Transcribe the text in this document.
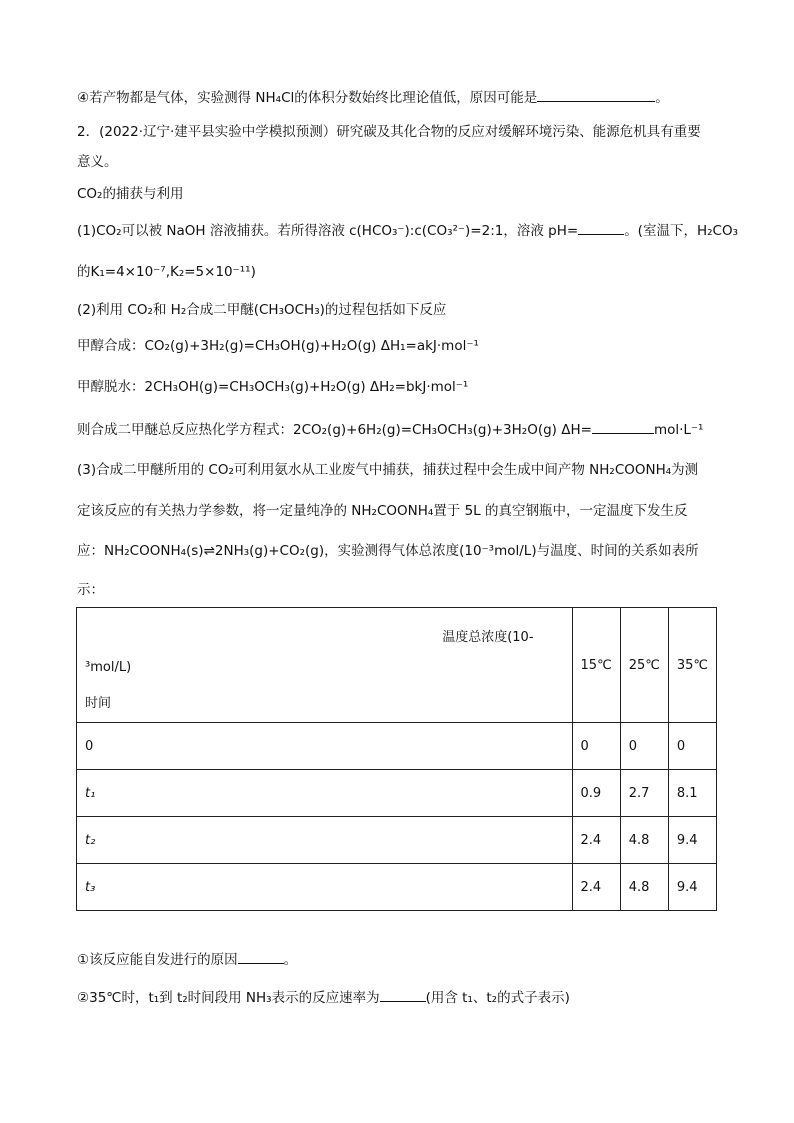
④若产物都是气体，实验测得 NH₄Cl的体积分数始终比理论值低，原因可能是	。
2．(2022·辽宁·建平县实验中学模拟预测）研究碳及其化合物的反应对缓解环境污染、能源危机具有重要
意义。
CO₂的捕获与利用
(1)CO₂可以被 NaOH 溶液捕获。若所得溶液 c(HCO₃⁻):c(CO₃²⁻)=2:1，溶液 pH=	。(室温下，H₂CO₃
的K₁=4×10⁻⁷,K₂=5×10⁻¹¹)
(2)利用 CO₂和 H₂合成二甲醚(CH₃OCH₃)的过程包括如下反应
甲醇合成：CO₂(g)+3H₂(g)=CH₃OH(g)+H₂O(g) ΔH₁=akJ·mol⁻¹
甲醇脱水：2CH₃OH(g)=CH₃OCH₃(g)+H₂O(g) ΔH₂=bkJ·mol⁻¹
则合成二甲醚总反应热化学方程式：2CO₂(g)+6H₂(g)=CH₃OCH₃(g)+3H₂O(g) ΔH=	mol·L⁻¹
(3)合成二甲醚所用的 CO₂可利用氨水从工业废气中捕获，捕获过程中会生成中间产物 NH₂COONH₄为测
定该反应的有关热力学参数，将一定量纯净的 NH₂COONH₄置于 5L 的真空钢瓶中，一定温度下发生反
应：NH₂COONH₄(s)⇌2NH₃(g)+CO₂(g)，实验测得气体总浓度(10⁻³mol/L)与温度、时间的关系如表所
示：
温度总浓度(10-
³mol/L)
时间	15℃	25℃	35℃
0	0	0	0
t₁	0.9	2.7	8.1
t₂	2.4	4.8	9.4
t₃	2.4	4.8	9.4
①该反应能自发进行的原因	。
②35℃时，t₁到 t₂时间段用 NH₃表示的反应速率为	(用含 t₁、t₂的式子表示)
